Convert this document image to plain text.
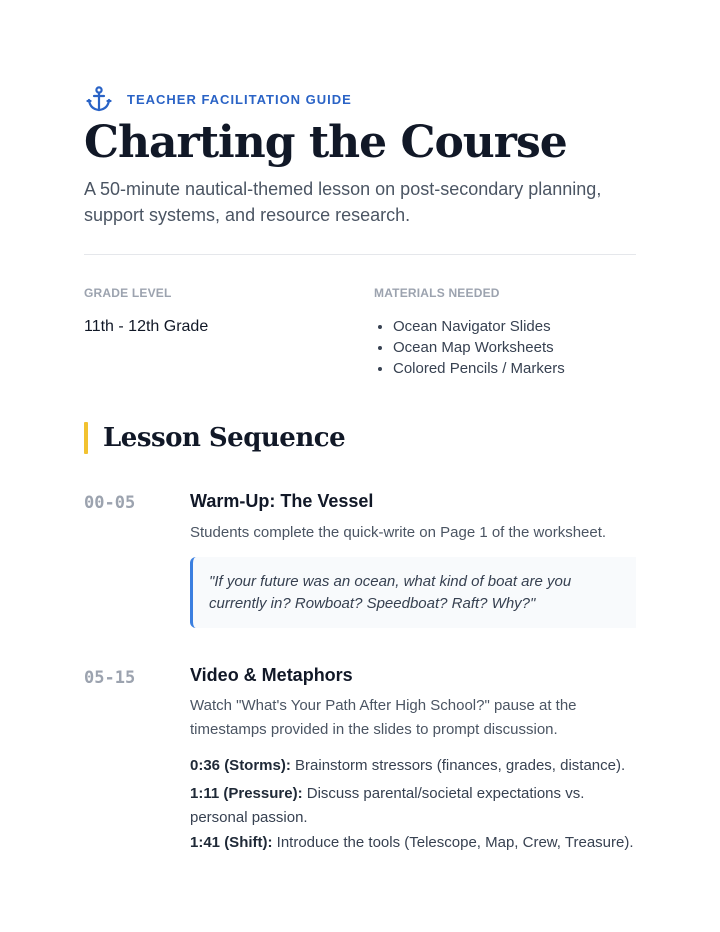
TEACHER FACILITATION GUIDE
Charting the Course

A 50-minute nautical-themed lesson on post-secondary planning, support systems, and resource research.

GRADE LEVEL
11th - 12th Grade
MATERIALS NEEDED
• Ocean Navigator Slides
• Ocean Map Worksheets
• Colored Pencils / Markers
Lesson Sequence
00-05	Warm-Up: The Vessel

Students complete the quick-write on Page 1 of the worksheet.

"If your future was an ocean, what kind of boat are you currently in? Rowboat? Speedboat? Raft? Why?"

05-15	Video & Metaphors

Watch "What's Your Path After High School?" pause at the timestamps provided in the slides to prompt discussion.

0:36 (Storms): Brainstorm stressors (finances, grades, distance).
1:11 (Pressure): Discuss parental/societal expectations vs. personal passion.
1:41 (Shift): Introduce the tools (Telescope, Map, Crew, Treasure).
